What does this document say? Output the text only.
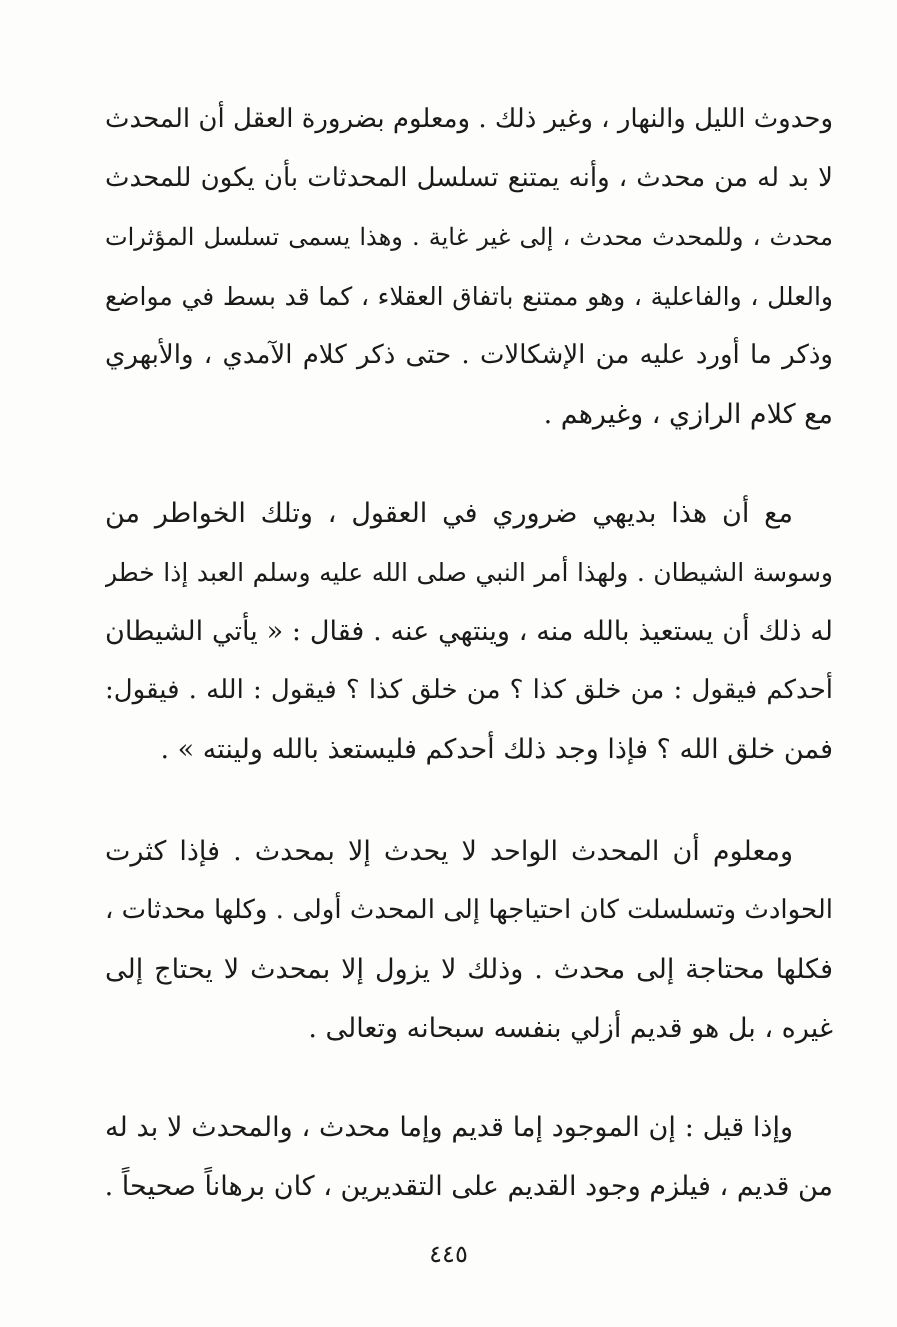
وحدوث الليل والنهار ، وغير ذلك . ومعلوم بضرورة العقل أن المحدث
لا بد له من محدث ، وأنه يمتنع تسلسل المحدثات بأن يكون للمحدث
محدث ، وللمحدث محدث ، إلى غير غاية . وهذا يسمى تسلسل المؤثرات
والعلل ، والفاعلية ، وهو ممتنع باتفاق العقلاء ، كما قد بسط في مواضع
وذكر ما أورد عليه من الإشكالات . حتى ذكر كلام الآمدي ، والأبهري
مع كلام الرازي ، وغيرهم .
مع أن هذا بديهي ضروري في العقول ، وتلك الخواطر من
وسوسة الشيطان . ولهذا أمر النبي صلى الله عليه وسلم العبد إذا خطر
له ذلك أن يستعيذ بالله منه ، وينتهي عنه . فقال : « يأتي الشيطان
أحدكم فيقول : من خلق كذا ؟ من خلق كذا ؟ فيقول : الله . فيقول:
فمن خلق الله ؟ فإذا وجد ذلك أحدكم فليستعذ بالله ولينته » .
ومعلوم أن المحدث الواحد لا يحدث إلا بمحدث . فإذا كثرت
الحوادث وتسلسلت كان احتياجها إلى المحدث أولى . وكلها محدثات ،
فكلها محتاجة إلى محدث . وذلك لا يزول إلا بمحدث لا يحتاج إلى
غيره ، بل هو قديم أزلي بنفسه سبحانه وتعالى .
وإذا قيل : إن الموجود إما قديم وإما محدث ، والمحدث لا بد له
من قديم ، فيلزم وجود القديم على التقديرين ، كان برهاناً صحيحاً .
٤٤٥
